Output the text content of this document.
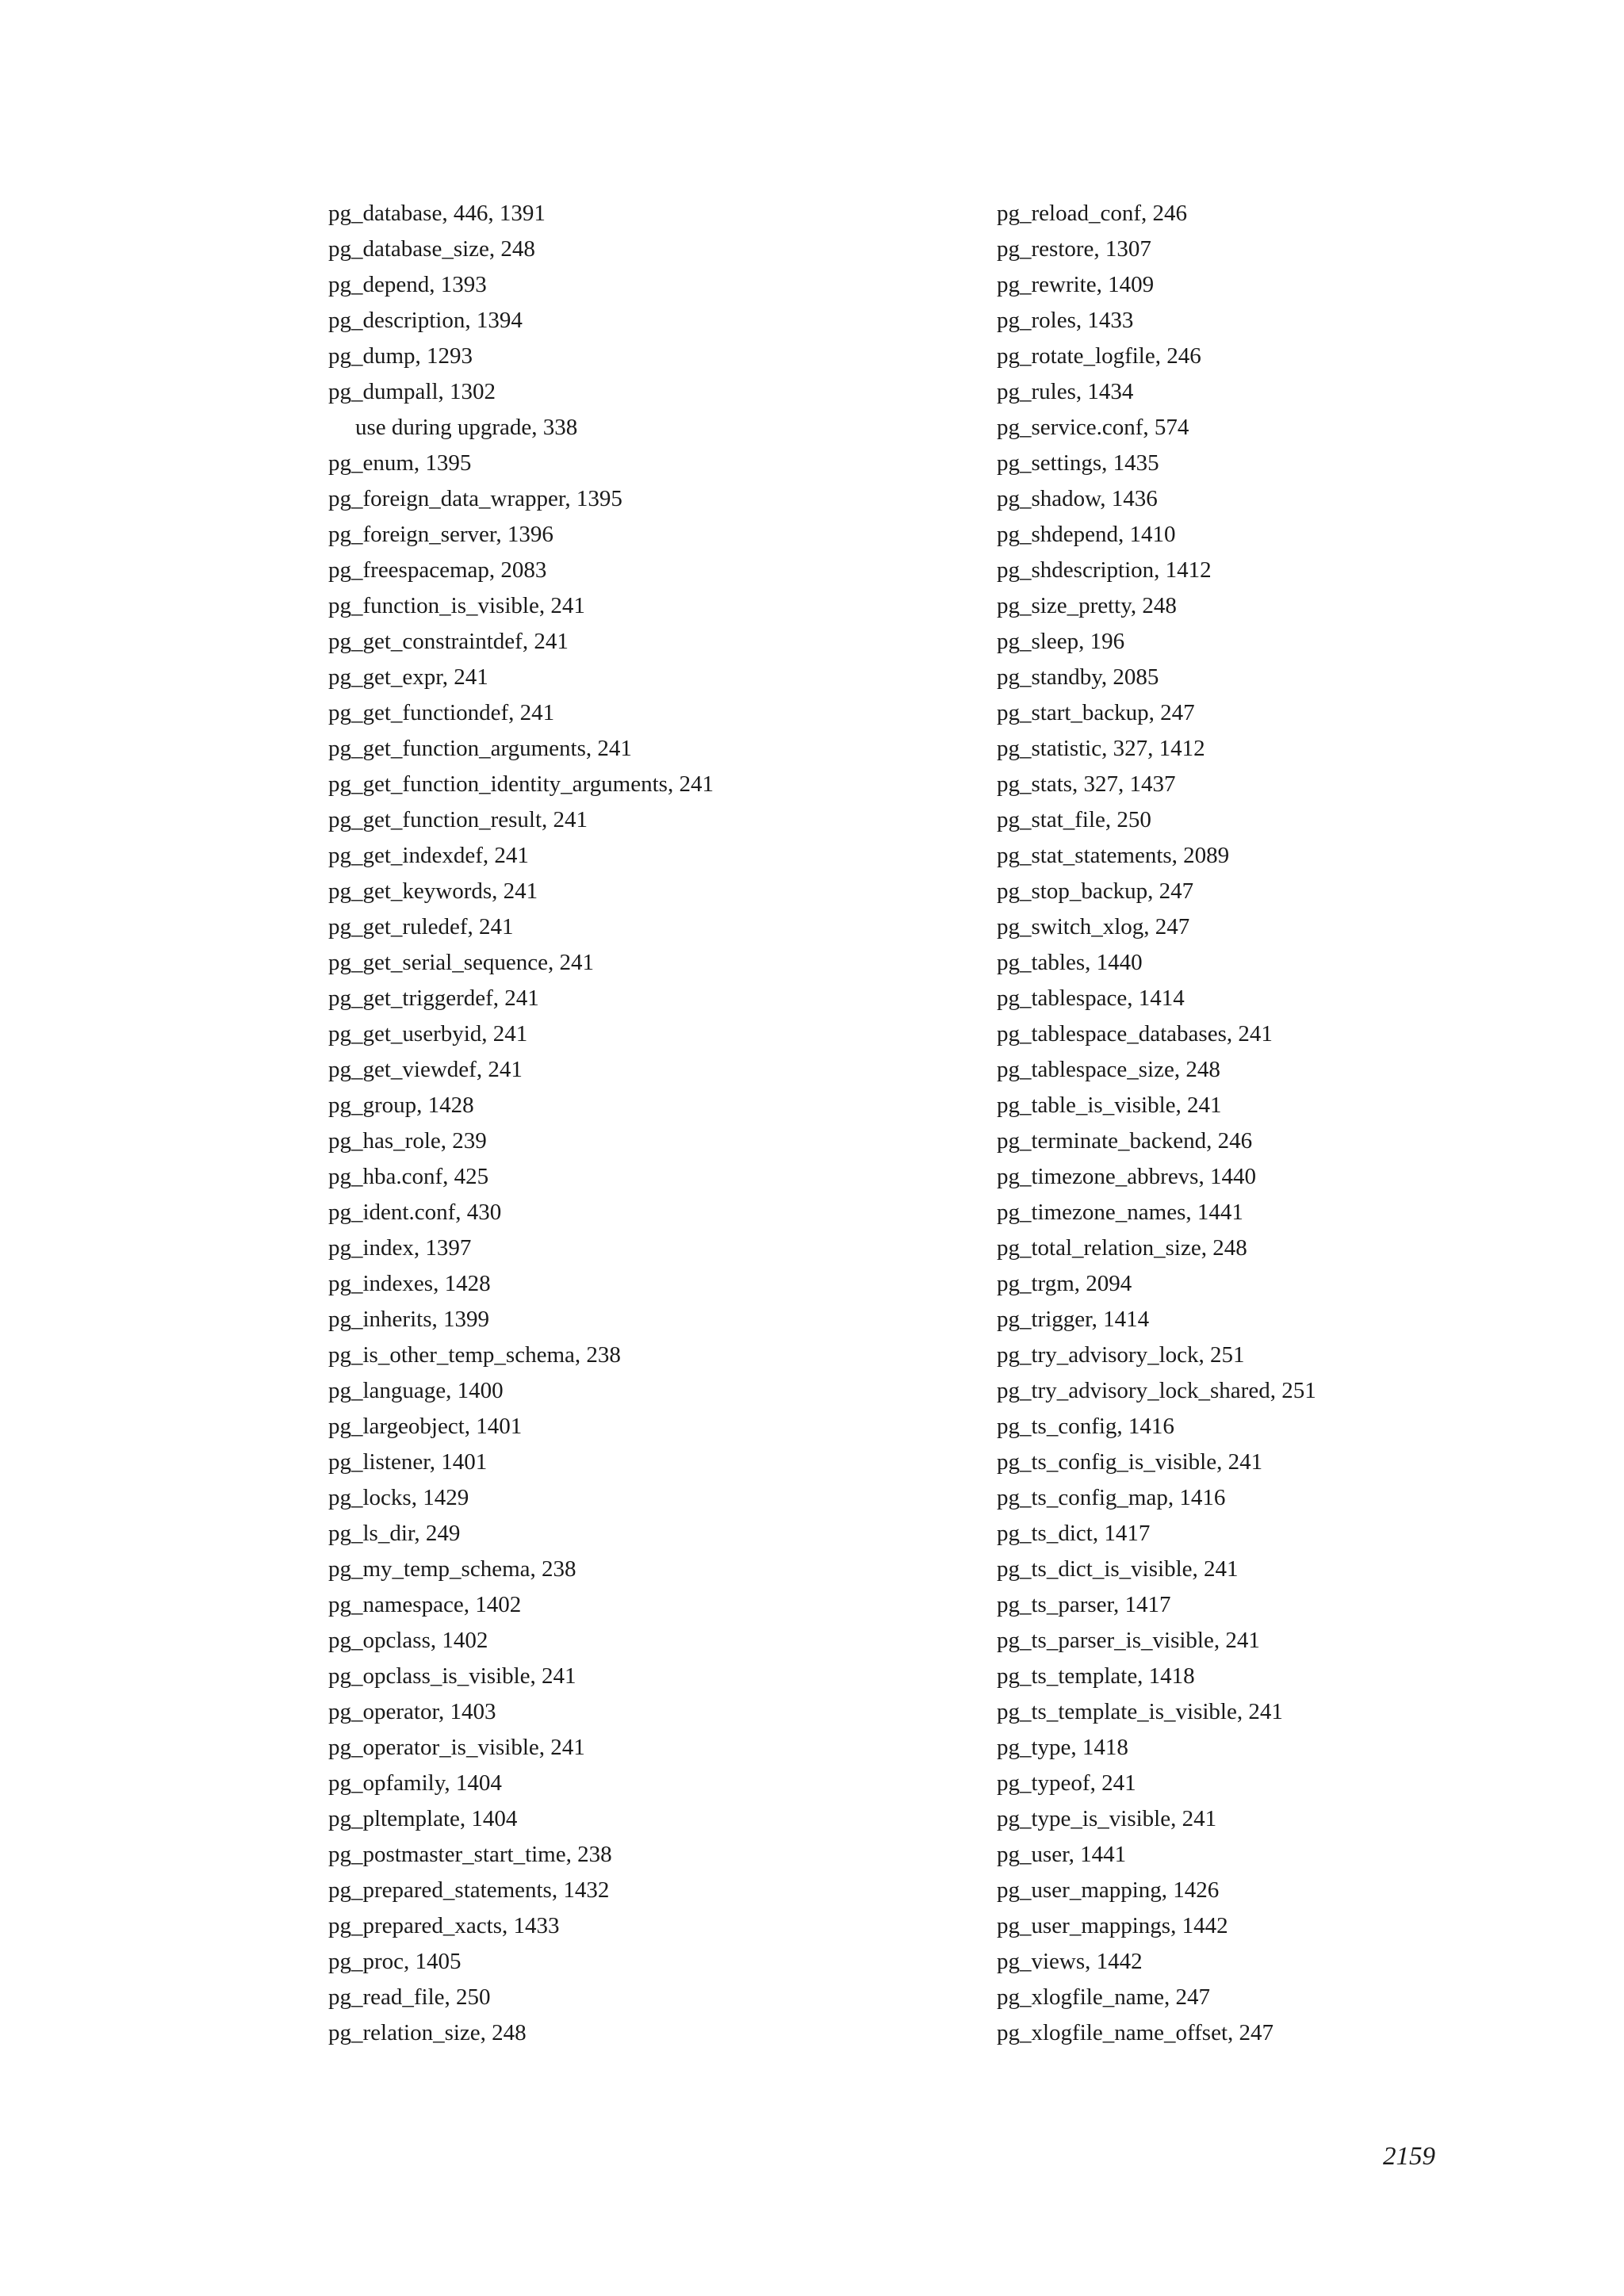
pg_database, 446, 1391
pg_database_size, 248
pg_depend, 1393
pg_description, 1394
pg_dump, 1293
pg_dumpall, 1302
use during upgrade, 338
pg_enum, 1395
pg_foreign_data_wrapper, 1395
pg_foreign_server, 1396
pg_freespacemap, 2083
pg_function_is_visible, 241
pg_get_constraintdef, 241
pg_get_expr, 241
pg_get_functiondef, 241
pg_get_function_arguments, 241
pg_get_function_identity_arguments, 241
pg_get_function_result, 241
pg_get_indexdef, 241
pg_get_keywords, 241
pg_get_ruledef, 241
pg_get_serial_sequence, 241
pg_get_triggerdef, 241
pg_get_userbyid, 241
pg_get_viewdef, 241
pg_group, 1428
pg_has_role, 239
pg_hba.conf, 425
pg_ident.conf, 430
pg_index, 1397
pg_indexes, 1428
pg_inherits, 1399
pg_is_other_temp_schema, 238
pg_language, 1400
pg_largeobject, 1401
pg_listener, 1401
pg_locks, 1429
pg_ls_dir, 249
pg_my_temp_schema, 238
pg_namespace, 1402
pg_opclass, 1402
pg_opclass_is_visible, 241
pg_operator, 1403
pg_operator_is_visible, 241
pg_opfamily, 1404
pg_pltemplate, 1404
pg_postmaster_start_time, 238
pg_prepared_statements, 1432
pg_prepared_xacts, 1433
pg_proc, 1405
pg_read_file, 250
pg_relation_size, 248
pg_reload_conf, 246
pg_restore, 1307
pg_rewrite, 1409
pg_roles, 1433
pg_rotate_logfile, 246
pg_rules, 1434
pg_service.conf, 574
pg_settings, 1435
pg_shadow, 1436
pg_shdepend, 1410
pg_shdescription, 1412
pg_size_pretty, 248
pg_sleep, 196
pg_standby, 2085
pg_start_backup, 247
pg_statistic, 327, 1412
pg_stats, 327, 1437
pg_stat_file, 250
pg_stat_statements, 2089
pg_stop_backup, 247
pg_switch_xlog, 247
pg_tables, 1440
pg_tablespace, 1414
pg_tablespace_databases, 241
pg_tablespace_size, 248
pg_table_is_visible, 241
pg_terminate_backend, 246
pg_timezone_abbrevs, 1440
pg_timezone_names, 1441
pg_total_relation_size, 248
pg_trgm, 2094
pg_trigger, 1414
pg_try_advisory_lock, 251
pg_try_advisory_lock_shared, 251
pg_ts_config, 1416
pg_ts_config_is_visible, 241
pg_ts_config_map, 1416
pg_ts_dict, 1417
pg_ts_dict_is_visible, 241
pg_ts_parser, 1417
pg_ts_parser_is_visible, 241
pg_ts_template, 1418
pg_ts_template_is_visible, 241
pg_type, 1418
pg_typeof, 241
pg_type_is_visible, 241
pg_user, 1441
pg_user_mapping, 1426
pg_user_mappings, 1442
pg_views, 1442
pg_xlogfile_name, 247
pg_xlogfile_name_offset, 247
2159
